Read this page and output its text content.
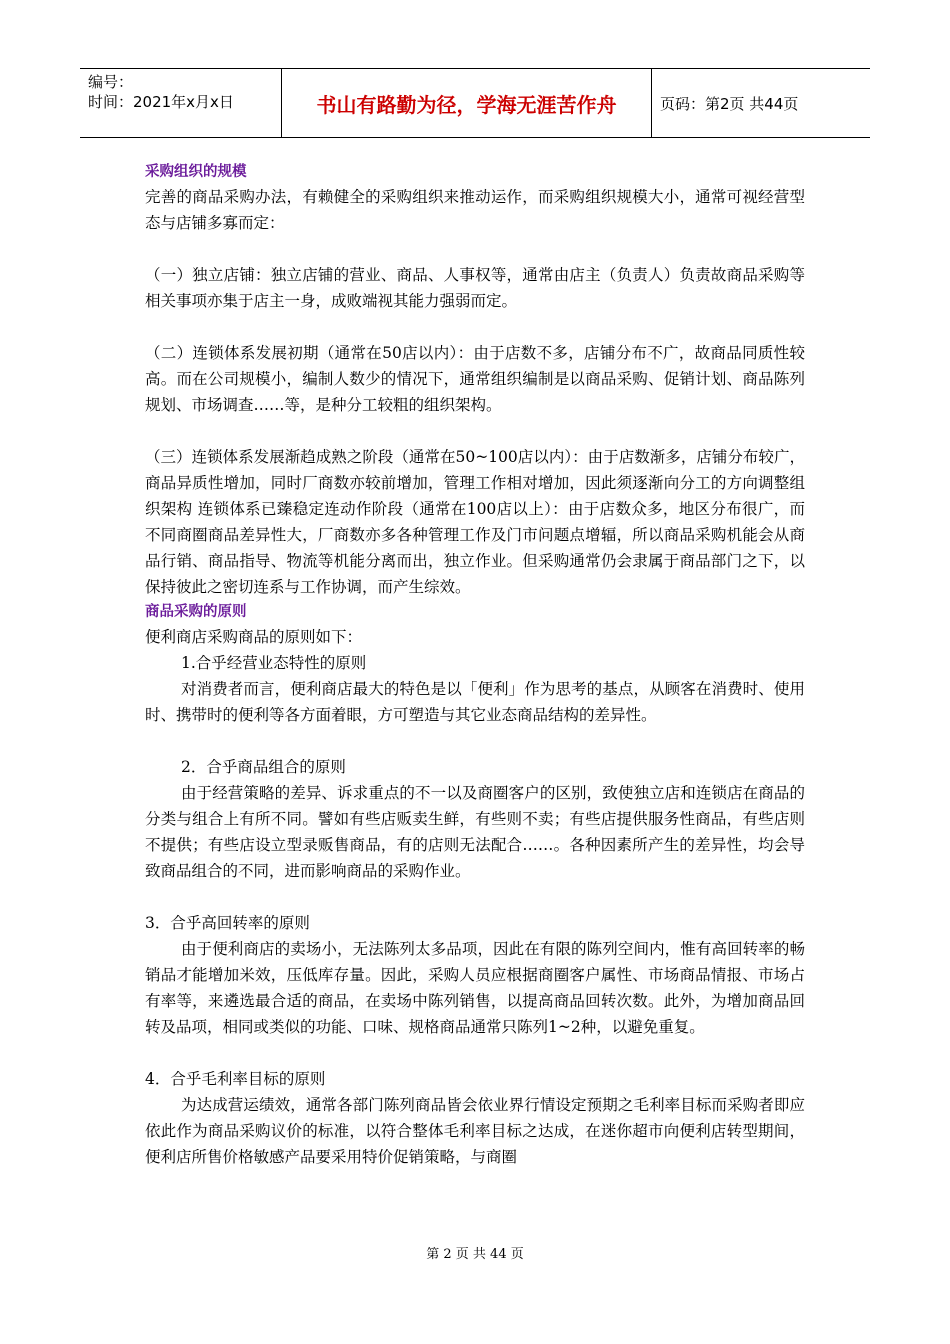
编号：
时间：2021年x月x日	书山有路勤为径，学海无涯苦作舟	页码：第2页 共44页
采购组织的规模

完善的商品采购办法，有赖健全的采购组织来推动运作，而采购组织规模大小，通常可视经营型态与店铺多寡而定：

（一）独立店铺：独立店铺的营业、商品、人事权等，通常由店主（负责人）负责故商品采购等相关事项亦集于店主一身，成败端视其能力强弱而定。

（二）连锁体系发展初期（通常在50店以内）：由于店数不多，店铺分布不广，故商品同质性较高。而在公司规模小，编制人数少的情况下，通常组织编制是以商品采购、促销计划、商品陈列规划、市场调查……等，是种分工较粗的组织架构。

（三）连锁体系发展渐趋成熟之阶段（通常在50~100店以内）：由于店数渐多，店铺分布较广，商品异质性增加，同时厂商数亦较前增加，管理工作相对增加，因此须逐渐向分工的方向调整组织架构 连锁体系已臻稳定连动作阶段（通常在100店以上）：由于店数众多，地区分布很广，而不同商圈商品差异性大，厂商数亦多各种管理工作及门市问题点增辐，所以商品采购机能会从商品行销、商品指导、物流等机能分离而出，独立作业。但采购通常仍会隶属于商品部门之下，以保持彼此之密切连系与工作协调，而产生综效。

商品采购的原则

便利商店采购商品的原则如下：

1.合乎经营业态特性的原则

对消费者而言，便利商店最大的特色是以「便利」作为思考的基点，从顾客在消费时、使用时、携带时的便利等各方面着眼，方可塑造与其它业态商品结构的差异性。

2．合乎商品组合的原则

由于经营策略的差异、诉求重点的不一以及商圈客户的区别，致使独立店和连锁店在商品的分类与组合上有所不同。譬如有些店贩卖生鲜，有些则不卖；有些店提供服务性商品，有些店则不提供；有些店设立型录贩售商品，有的店则无法配合……。各种因素所产生的差异性，均会导致商品组合的不同，进而影响商品的采购作业。

3．合乎高回转率的原则

由于便利商店的卖场小，无法陈列太多品项，因此在有限的陈列空间内，惟有高回转率的畅销品才能增加米效，压低库存量。因此，采购人员应根据商圈客户属性、市场商品情报、市场占有率等，来遴选最合适的商品，在卖场中陈列销售，以提高商品回转次数。此外，为增加商品回转及品项，相同或类似的功能、口味、规格商品通常只陈列1~2种，以避免重复。

4．合乎毛利率目标的原则

为达成营运绩效，通常各部门陈列商品皆会依业界行情设定预期之毛利率目标而采购者即应依此作为商品采购议价的标准，以符合整体毛利率目标之达成，在迷你超市向便利店转型期间，便利店所售价格敏感产品要采用特价促销策略，与商圈

第 2 页 共 44 页
